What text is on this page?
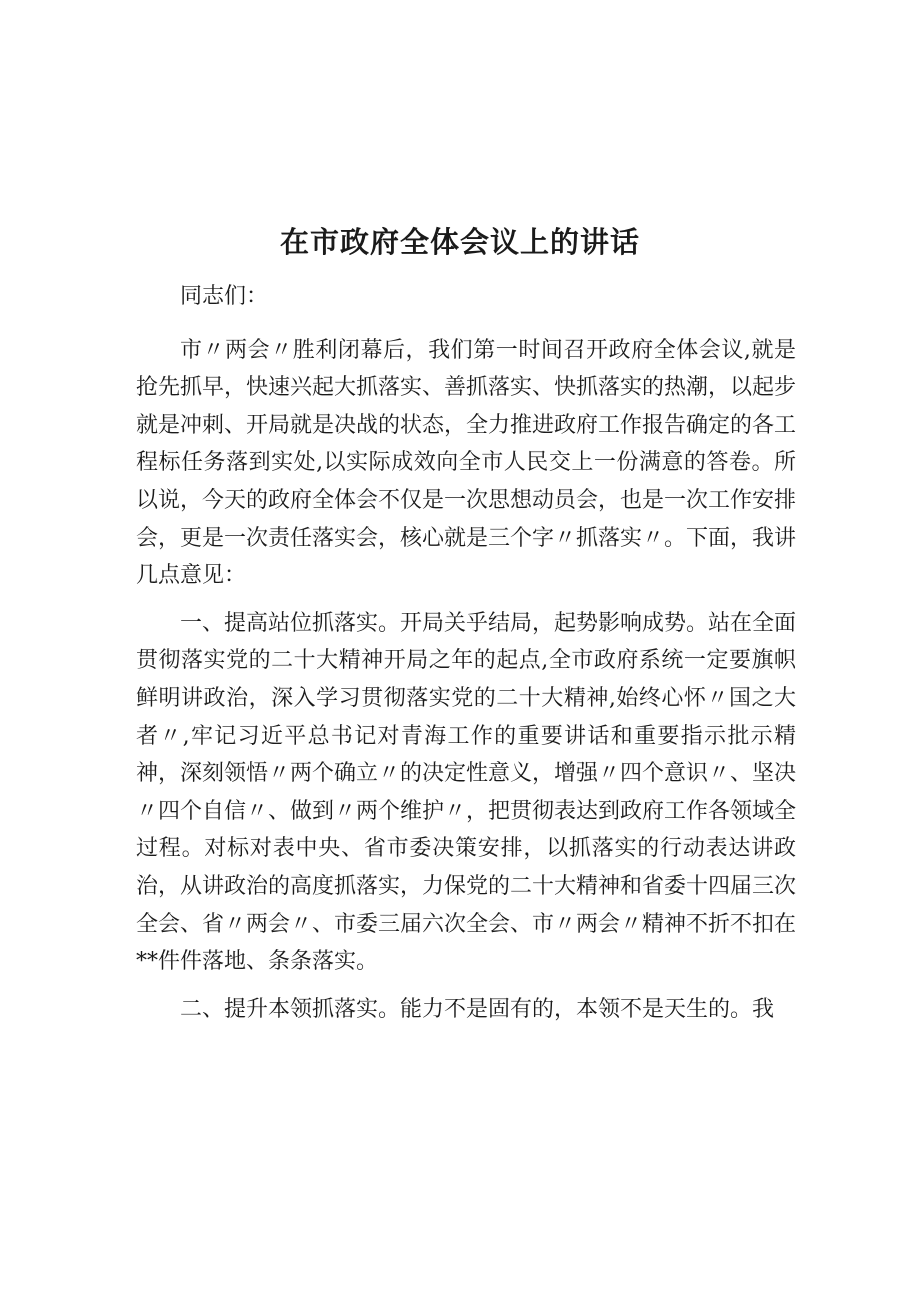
在市政府全体会议上的讲话

同志们：

市〃两会〃胜利闭幕后，我们第一时间召开政府全体会议,就是抢先抓早，快速兴起大抓落实、善抓落实、快抓落实的热潮，以起步就是冲刺、开局就是决战的状态，全力推进政府工作报告确定的各工程标任务落到实处,以实际成效向全市人民交上一份满意的答卷。所以说，今天的政府全体会不仅是一次思想动员会，也是一次工作安排会，更是一次责任落实会，核心就是三个字〃抓落实〃。下面，我讲几点意见：

一、提高站位抓落实。开局关乎结局，起势影响成势。站在全面贯彻落实党的二十大精神开局之年的起点,全市政府系统一定要旗帜鲜明讲政治，深入学习贯彻落实党的二十大精神,始终心怀〃国之大者〃,牢记习近平总书记对青海工作的重要讲话和重要指示批示精神，深刻领悟〃两个确立〃的决定性意义，增强〃四个意识〃、坚决〃四个自信〃、做到〃两个维护〃，把贯彻表达到政府工作各领域全过程。对标对表中央、省市委决策安排，以抓落实的行动表达讲政治，从讲政治的高度抓落实，力保党的二十大精神和省委十四届三次全会、省〃两会〃、市委三届六次全会、市〃两会〃精神不折不扣在**件件落地、条条落实。

二、提升本领抓落实。能力不是固有的，本领不是天生的。我
